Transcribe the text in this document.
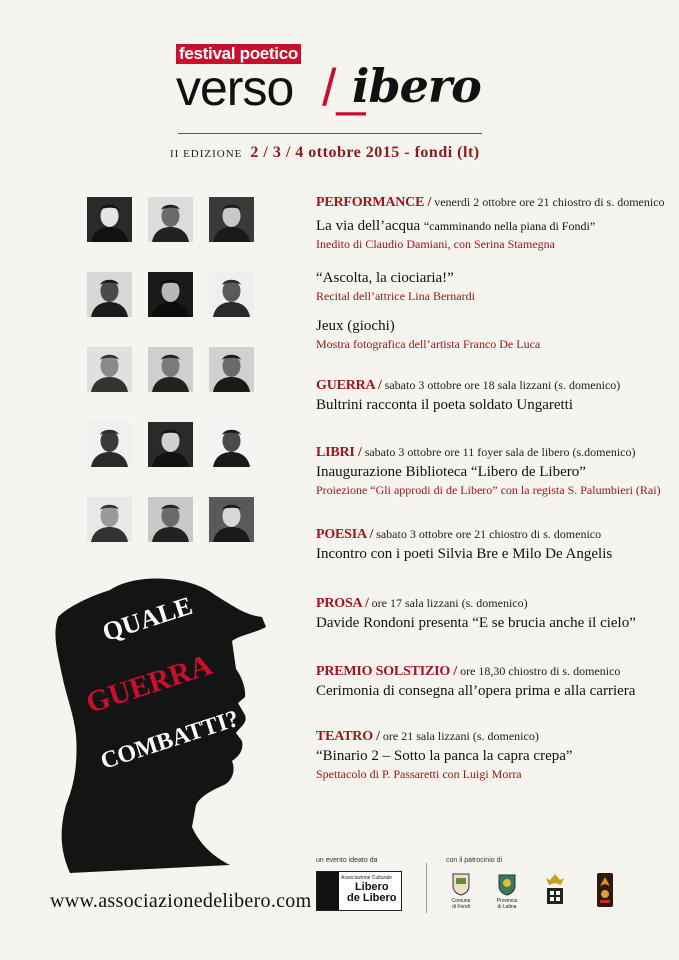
festival poetico
verso /_
ibero
II EDIZIONE 2 / 3 / 4 ottobre 2015 - fondi (lt)
QUALE
GUERRA
COMBATTI?
PERFORMANCE / venerdì 2 ottobre ore 21 chiostro di s. domenico
La via dell’acqua “camminando nella piana di Fondi”
Inedito di Claudio Damiani, con Serina Stamegna
“Ascolta, la ciociaria!”
Recital dell’attrice Lina Bernardi
Jeux (giochi)
Mostra fotografica dell’artista Franco De Luca
GUERRA / sabato 3 ottobre ore 18 sala lizzani (s. domenico)
Bultrini racconta il poeta soldato Ungaretti
LIBRI / sabato 3 ottobre ore 11 foyer sala de libero (s.domenico)
Inaugurazione Biblioteca “Libero de Libero”
Proiezione “Gli approdi di de Libero” con la regista S. Palumbieri (Rai)
POESIA / sabato 3 ottobre ore 21 chiostro di s. domenico
Incontro con i poeti Silvia Bre e Milo De Angelis
PROSA / ore 17 sala lizzani (s. domenico)
Davide Rondoni presenta “E se brucia anche il cielo”
PREMIO SOLSTIZIO / ore 18,30 chiostro di s. domenico
Cerimonia di consegna all’opera prima e alla carriera
TEATRO / ore 21 sala lizzani (s. domenico)
“Binario 2 – Sotto la panca la capra crepa”
Spettacolo di P. Passaretti con Luigi Morra
www.associazionedelibero.com
un evento ideato da
Associazione Culturale
Libero
de Libero
con il patrocinio di
Comune
di Fondi
Provincia
di Latina
